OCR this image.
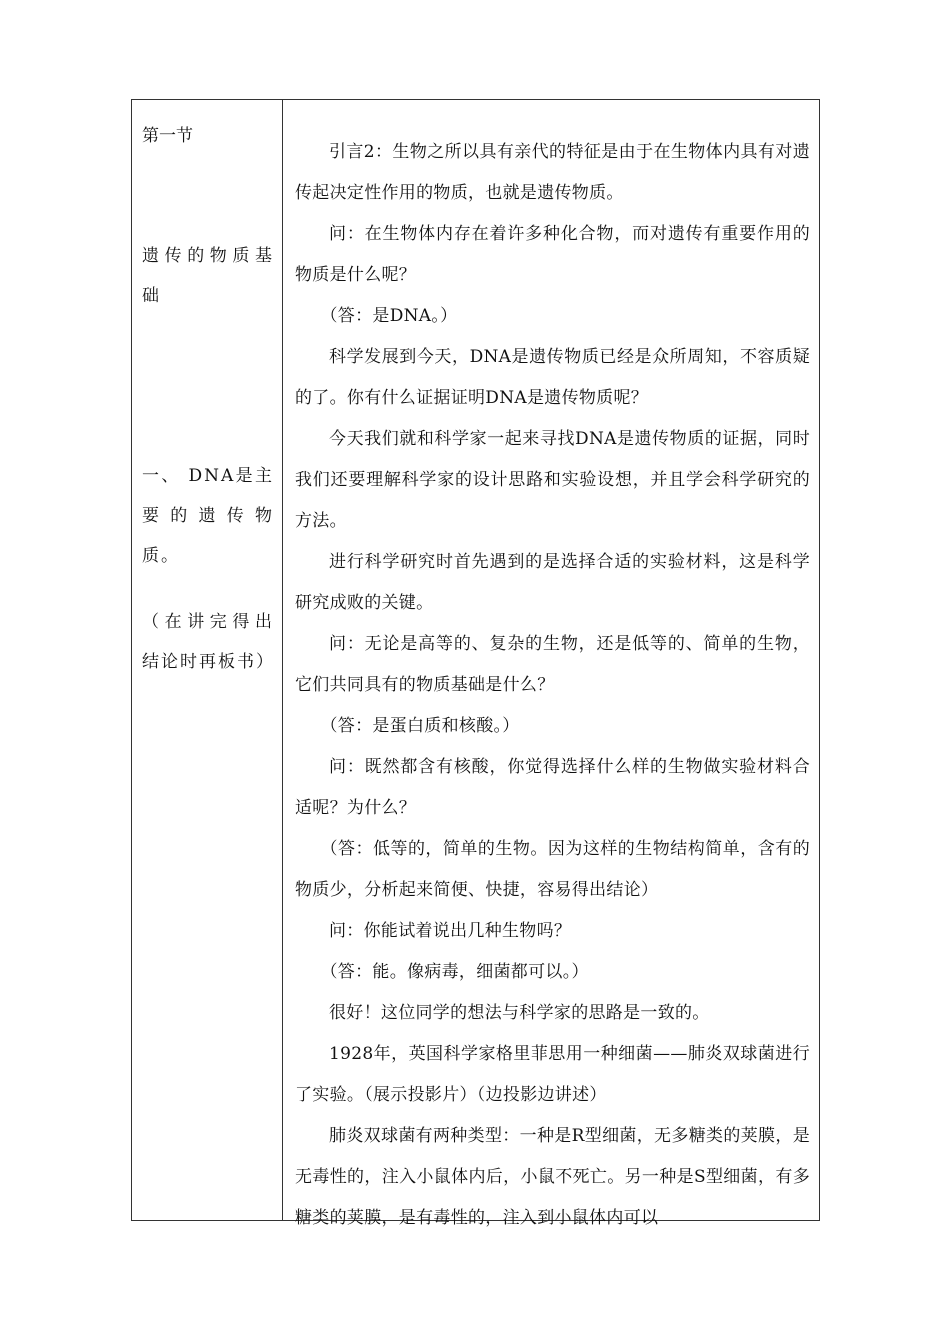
第一节
遗传的物质基础
一、 DNA是主要的遗传物质。
（在讲完得出结论时再板书）

引言2：生物之所以具有亲代的特征是由于在生物体内具有对遗传起决定性作用的物质，也就是遗传物质。

问：在生物体内存在着许多种化合物，而对遗传有重要作用的物质是什么呢？

（答：是DNA。）

科学发展到今天，DNA是遗传物质已经是众所周知，不容质疑的了。你有什么证据证明DNA是遗传物质呢？

今天我们就和科学家一起来寻找DNA是遗传物质的证据，同时我们还要理解科学家的设计思路和实验设想，并且学会科学研究的方法。

进行科学研究时首先遇到的是选择合适的实验材料，这是科学研究成败的关键。

问：无论是高等的、复杂的生物，还是低等的、简单的生物，它们共同具有的物质基础是什么？

（答：是蛋白质和核酸。）

问：既然都含有核酸，你觉得选择什么样的生物做实验材料合适呢？为什么？

（答：低等的，简单的生物。因为这样的生物结构简单，含有的物质少，分析起来简便、快捷，容易得出结论）

问：你能试着说出几种生物吗？

（答：能。像病毒，细菌都可以。）

很好！这位同学的想法与科学家的思路是一致的。

1928年，英国科学家格里菲思用一种细菌——肺炎双球菌进行了实验。（展示投影片）（边投影边讲述）

肺炎双球菌有两种类型：一种是R型细菌，无多糖类的荚膜，是无毒性的，注入小鼠体内后，小鼠不死亡。另一种是S型细菌，有多糖类的荚膜，是有毒性的，注入到小鼠体内可以
